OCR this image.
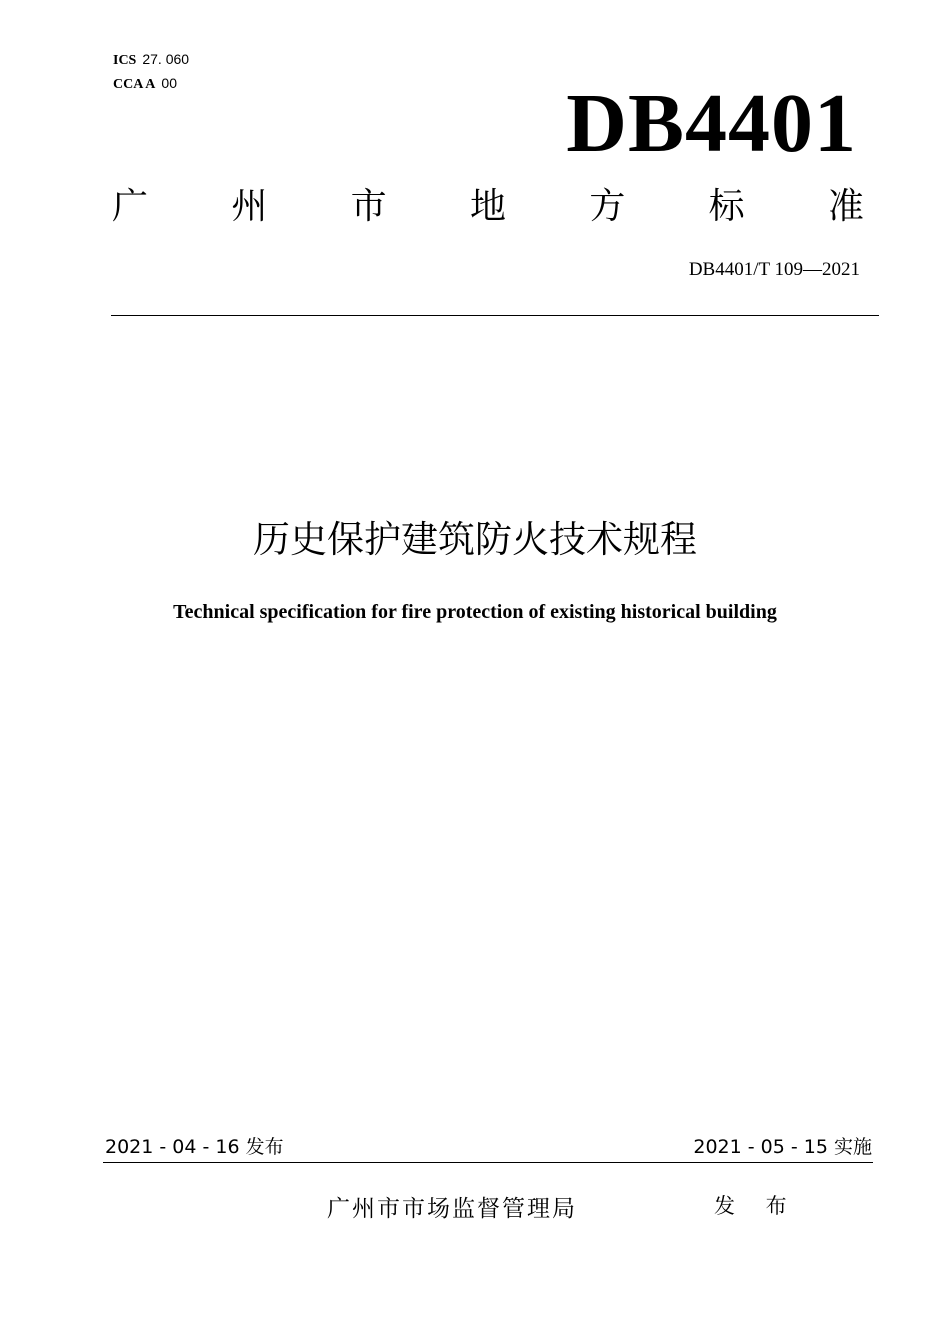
ICS 27. 060
CCA A 00	DB4401
广 州 市 地 方 标 准
DB4401/T 109—2021
历史保护建筑防火技术规程
Technical specification for fire protection of existing historical building
2021 - 04 - 16 发布	2021 - 05 - 15 实施
广州市市场监督管理局	发 布
